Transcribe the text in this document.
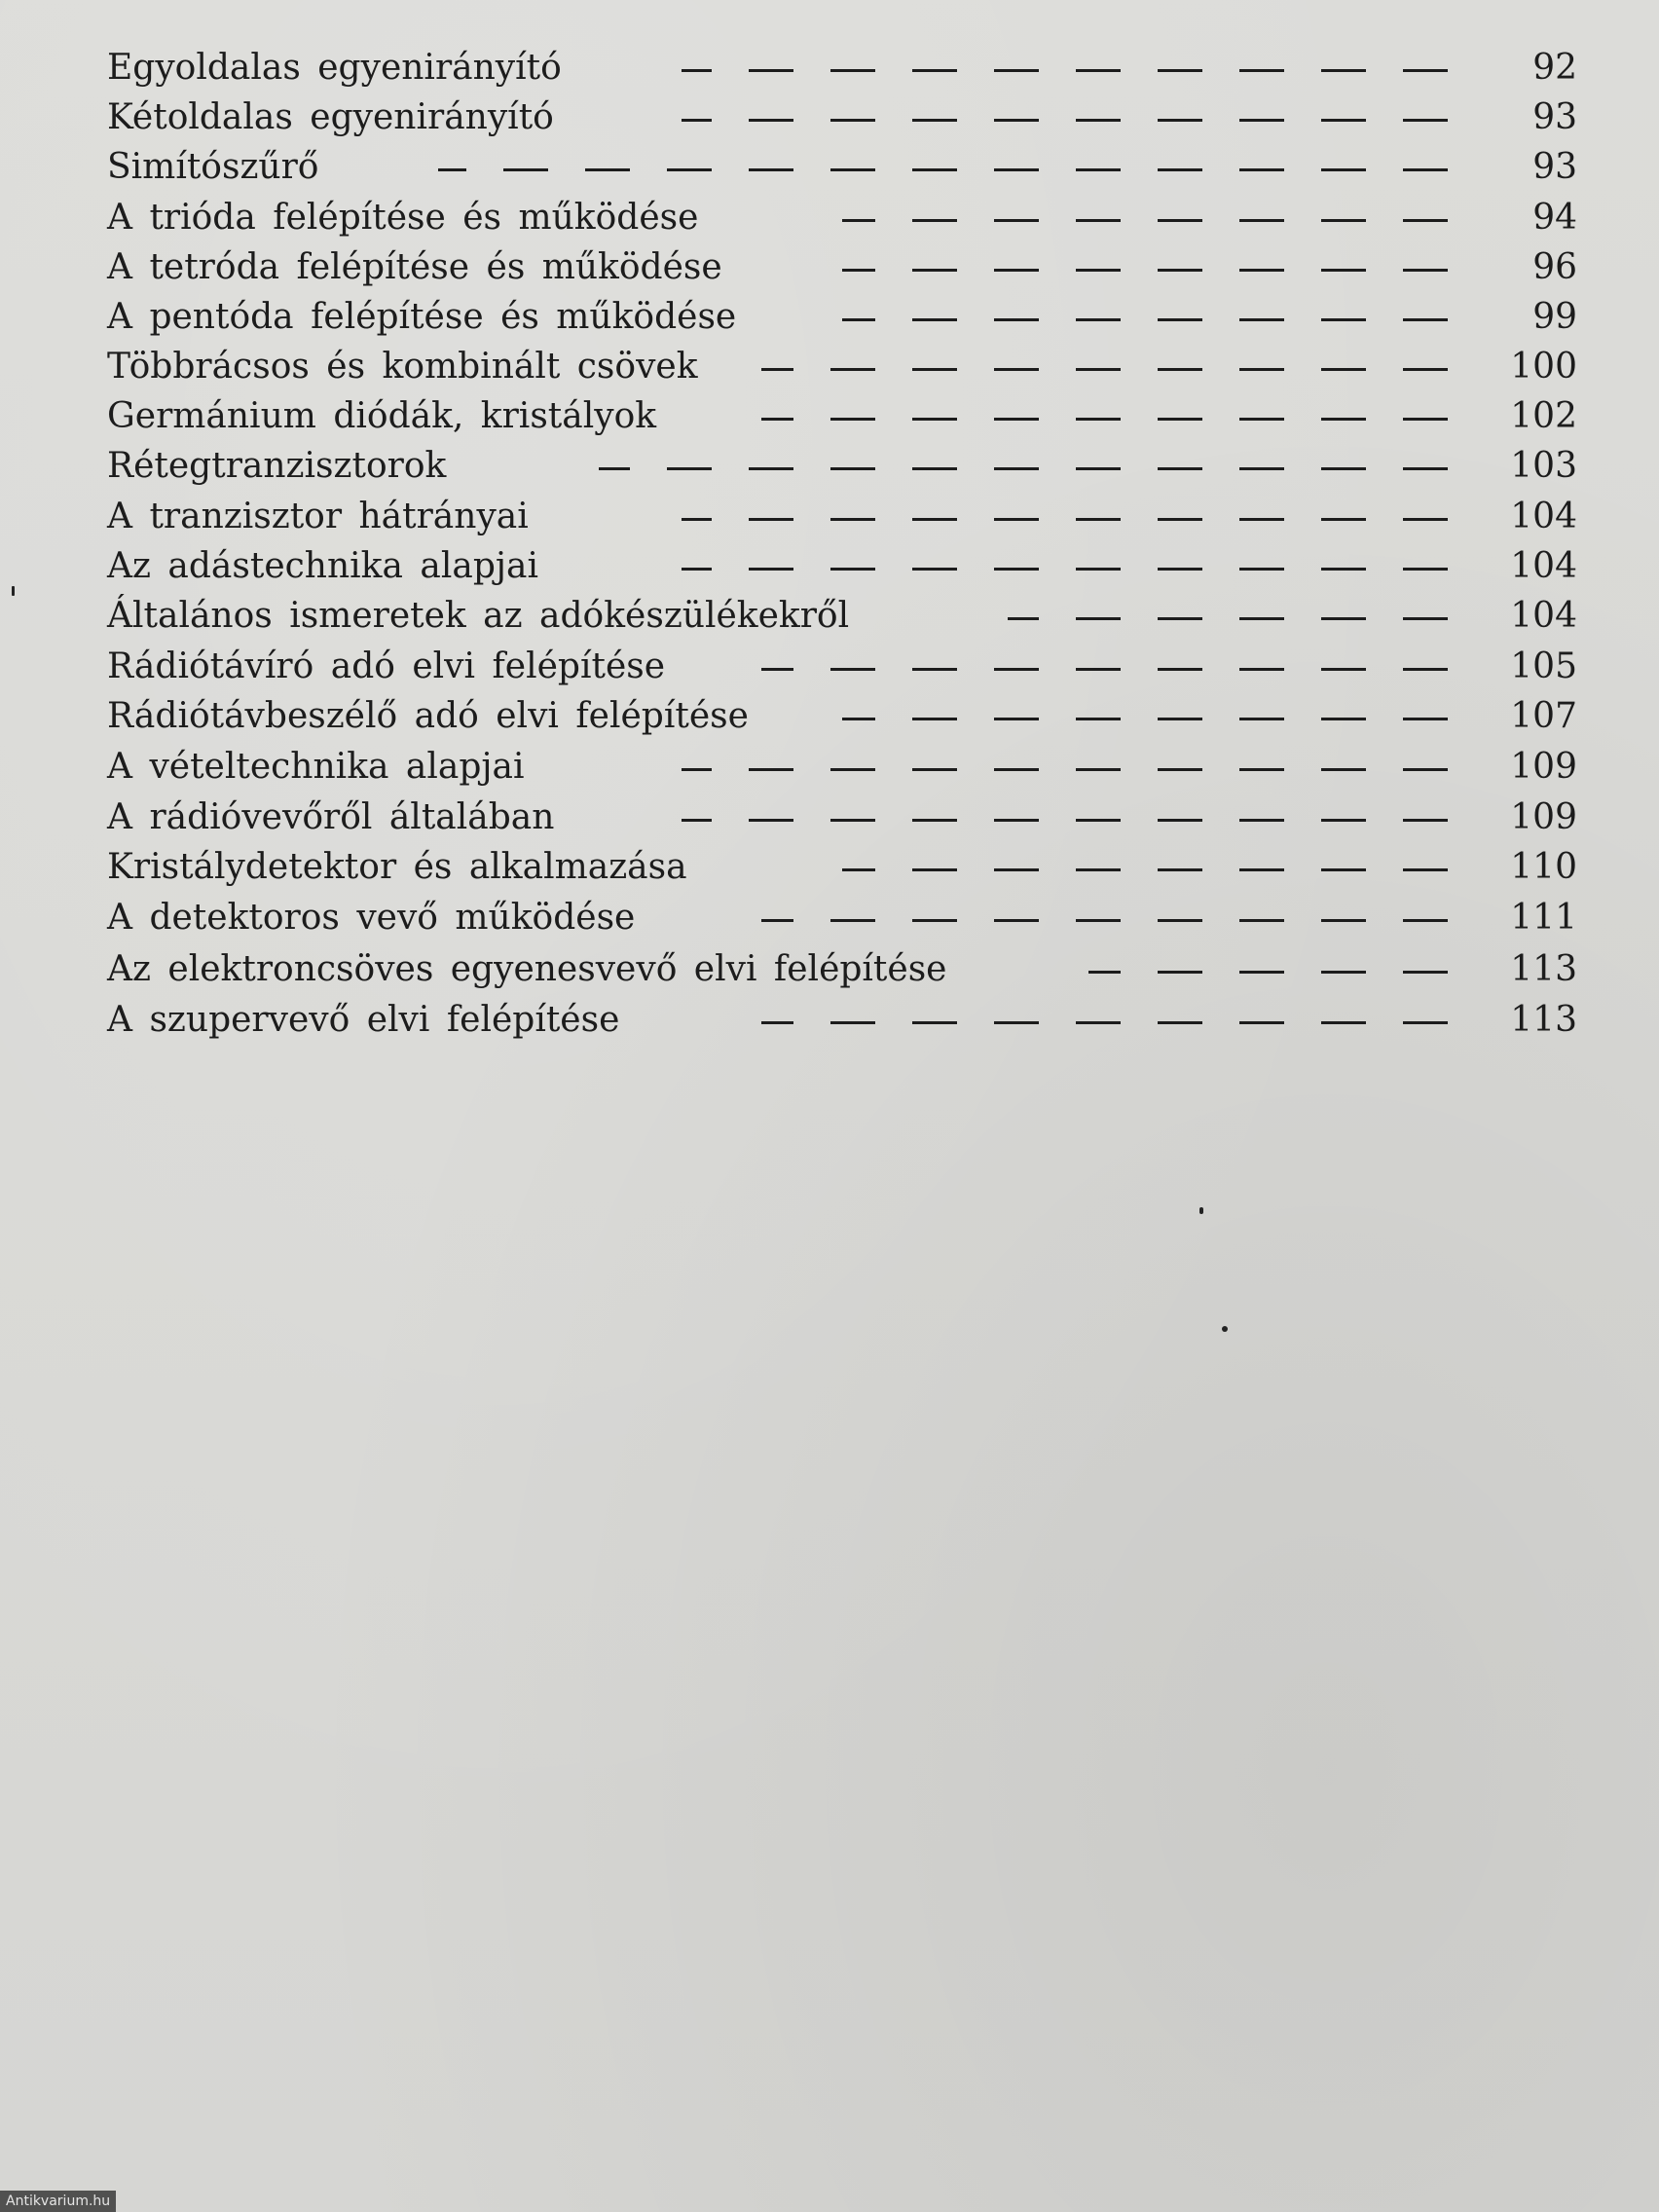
Egyoldalas egyenirányító	92
Kétoldalas egyenirányító	93
Simítószűrő	93
A trióda felépítése és működése	94
A tetróda felépítése és működése	96
A pentóda felépítése és működése	99
Többrácsos és kombinált csövek	100
Germánium diódák, kristályok	102
Rétegtranzisztorok	103
A tranzisztor hátrányai	104
Az adástechnika alapjai	104
Általános ismeretek az adókészülékekről	104
Rádiótávíró adó elvi felépítése	105
Rádiótávbeszélő adó elvi felépítése	107
A vételtechnika alapjai	109
A rádióvevőről általában	109
Kristálydetektor és alkalmazása	110
A detektoros vevő működése	111
Az elektroncsöves egyenesvevő elvi felépítése	113
A szupervevő elvi felépítése	113
Antikvarium.hu
